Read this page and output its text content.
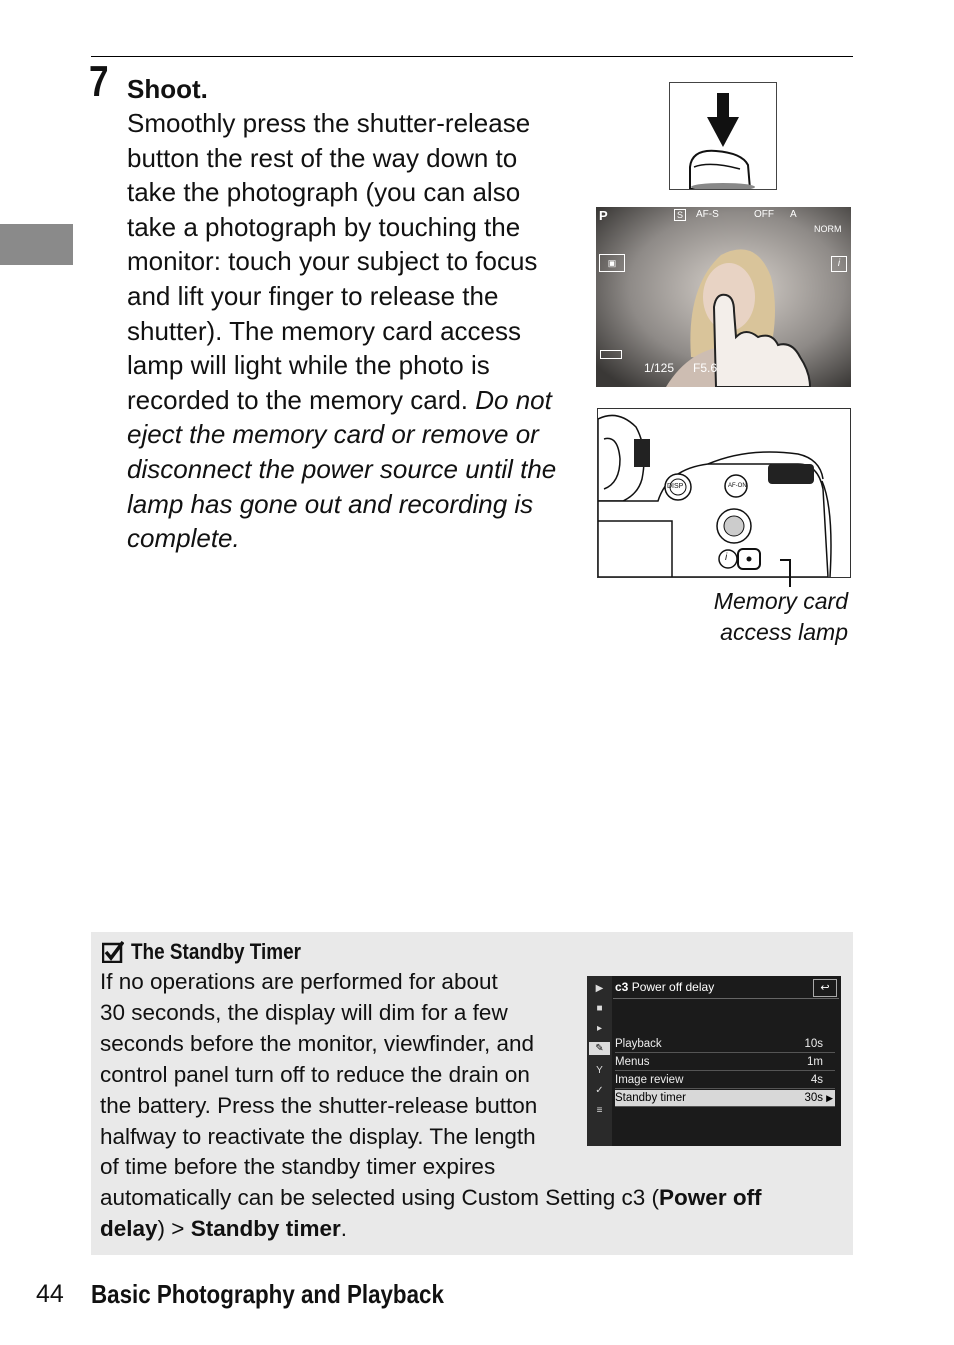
7 Shoot.
Smoothly press the shutter-release
button the rest of the way down to
take the photograph (you can also
take a photograph by touching the
monitor: touch your subject to focus
and lift your finger to release the
shutter). The memory card access
lamp will light while the photo is
recorded to the memory card. Do not
eject the memory card or remove or
disconnect the power source until the
lamp has gone out and recording is
complete.
P	S	AF-S	OFF A
NORM
▣	i
1/125 F5.6
DISP	AF-ON
i
Memory card
access lamp
The Standby Timer
If no operations are performed for about
30 seconds, the display will dim for a few
seconds before the monitor, viewfinder, and
control panel turn off to reduce the drain on
the battery. Press the shutter-release button
halfway to reactivate the display. The length
of time before the standby timer expires
automatically can be selected using Custom Setting c3 (Power off
delay) > Standby timer.
▶
■
▸
✎
Y
✓
≡
c3 Power off delay	↩
Playback	10s
Menus	1m
Image review	4s
Standby timer	30s ▶
44 Basic Photography and Playback
